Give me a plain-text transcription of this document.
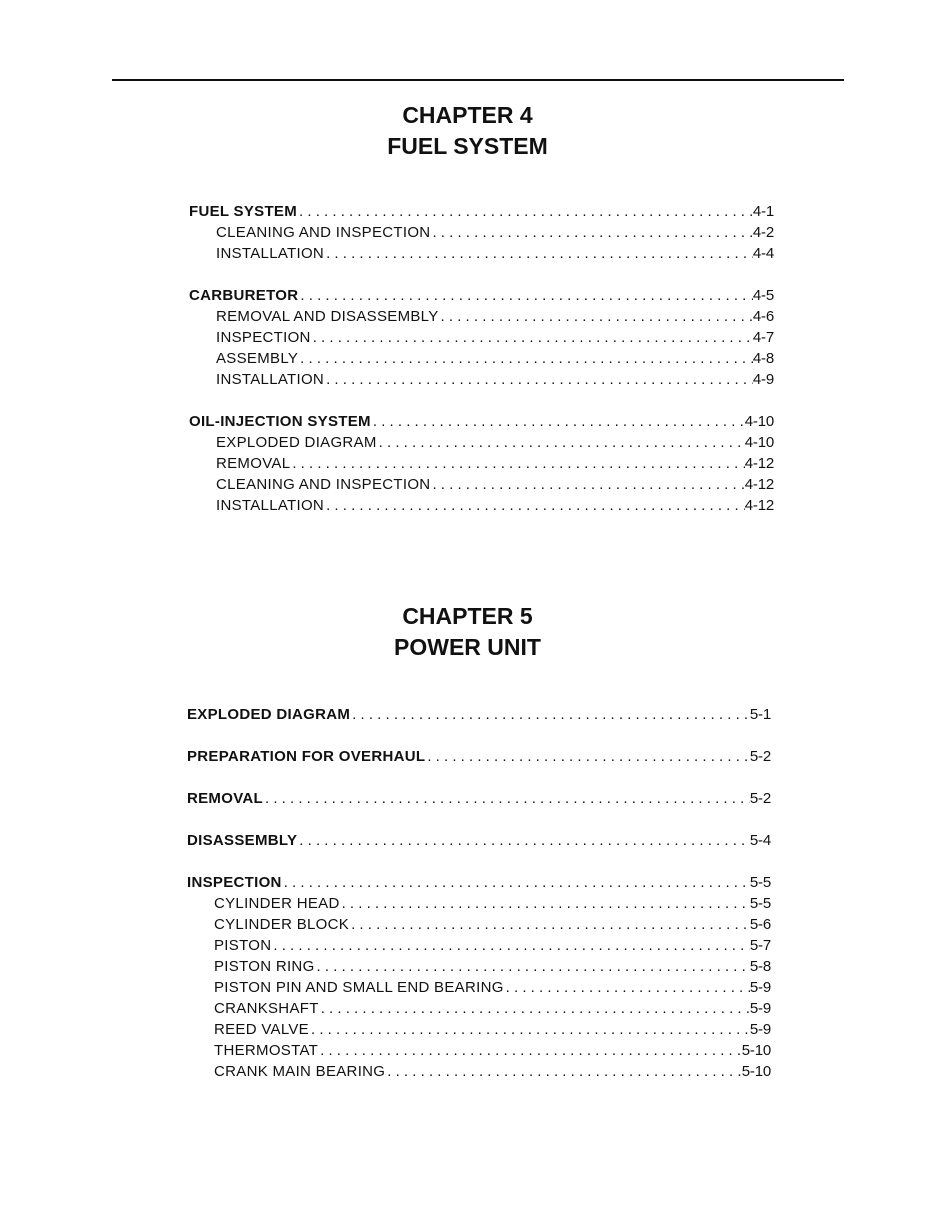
CHAPTER 4
FUEL SYSTEM
FUEL SYSTEM . . .	4-1
CLEANING AND INSPECTION . . .	4-2
INSTALLATION . . .	4-4
CARBURETOR . . .	4-5
REMOVAL AND DISASSEMBLY . . .	4-6
INSPECTION . . .	4-7
ASSEMBLY . . .	4-8
INSTALLATION . . .	4-9
OIL-INJECTION SYSTEM . . .	4-10
EXPLODED DIAGRAM . . .	4-10
REMOVAL . . .	4-12
CLEANING AND INSPECTION . . .	4-12
INSTALLATION . . .	4-12
CHAPTER 5
POWER UNIT
EXPLODED DIAGRAM . . .	5-1
PREPARATION FOR OVERHAUL . . .	5-2
REMOVAL . . .	5-2
DISASSEMBLY . . .	5-4
INSPECTION . . .	5-5
CYLINDER HEAD . . .	5-5
CYLINDER BLOCK . . .	5-6
PISTON . . .	5-7
PISTON RING . . .	5-8
PISTON PIN AND SMALL END BEARING . . .	5-9
CRANKSHAFT . . .	5-9
REED VALVE . . .	5-9
THERMOSTAT . . .	5-10
CRANK MAIN BEARING . . .	5-10
